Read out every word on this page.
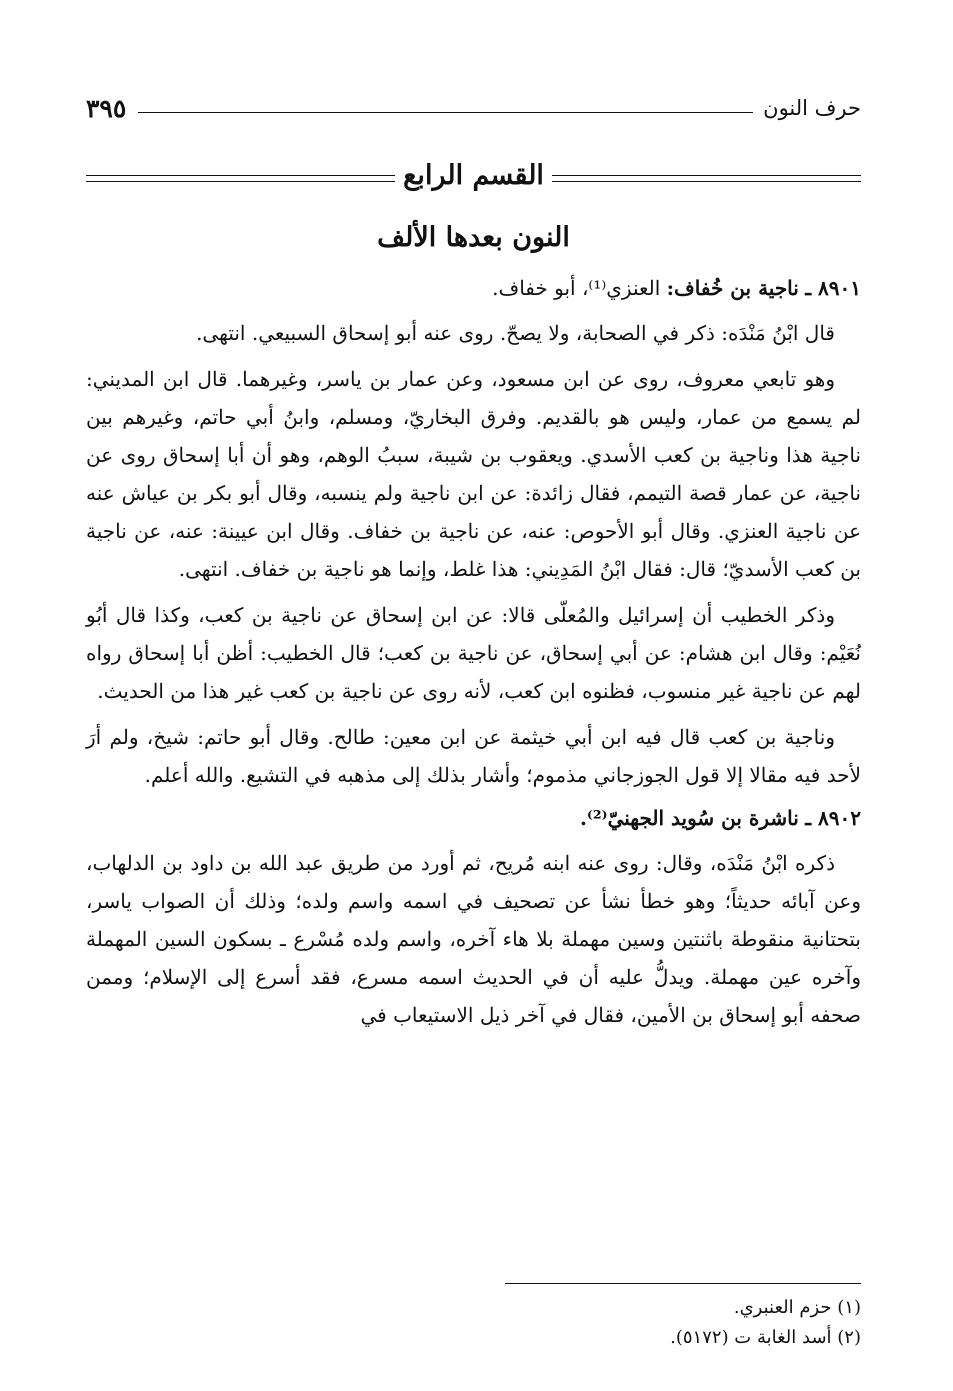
حرف النون
٣٩٥
القسم الرابع
النون بعدها الألف

٨٩٠١ ـ ناجية بن خُفاف: العنزي⁽¹⁾، أبو خفاف.

قال ابْنُ مَنْدَه: ذكر في الصحابة، ولا يصحّ. روى عنه أبو إسحاق السبيعي. انتهى.

وهو تابعي معروف، روى عن ابن مسعود، وعن عمار بن ياسر، وغيرهما. قال ابن المديني: لم يسمع من عمار، وليس هو بالقديم. وفرق البخاريّ، ومسلم، وابنُ أبي حاتم، وغيرهم بين ناجية هذا وناجية بن كعب الأسدي. ويعقوب بن شيبة، سببُ الوهم، وهو أن أبا إسحاق روى عن ناجية، عن عمار قصة التيمم، فقال زائدة: عن ابن ناجية ولم ينسبه، وقال أبو بكر بن عياش عنه عن ناجية العنزي. وقال أبو الأحوص: عنه، عن ناجية بن خفاف. وقال ابن عيينة: عنه، عن ناجية بن كعب الأسديّ؛ قال: فقال ابْنُ المَدِيني: هذا غلط، وإنما هو ناجية بن خفاف. انتهى.

وذكر الخطيب أن إسرائيل والمُعلّى قالا: عن ابن إسحاق عن ناجية بن كعب، وكذا قال أبُو نُعَيْم: وقال ابن هشام: عن أبي إسحاق، عن ناجية بن كعب؛ قال الخطيب: أظن أبا إسحاق رواه لهم عن ناجية غير منسوب، فظنوه ابن كعب، لأنه روى عن ناجية بن كعب غير هذا من الحديث.

وناجية بن كعب قال فيه ابن أبي خيثمة عن ابن معين: طالح. وقال أبو حاتم: شيخ، ولم أرَ لأحد فيه مقالا إلا قول الجوزجاني مذموم؛ وأشار بذلك إلى مذهبه في التشيع. والله أعلم.

٨٩٠٢ ـ ناشرة بن سُويد الجهنيّ⁽²⁾.

ذكره ابْنُ مَنْدَه، وقال: روى عنه ابنه مُريح، ثم أورد من طريق عبد الله بن داود بن الدلهاب، وعن آبائه حديثاً؛ وهو خطأ نشأ عن تصحيف في اسمه واسم ولده؛ وذلك أن الصواب ياسر، بتحتانية منقوطة باثنتين وسين مهملة بلا هاء آخره، واسم ولده مُسْرع ـ بسكون السين المهملة وآخره عين مهملة. ويدلُّ عليه أن في الحديث اسمه مسرع، فقد أسرع إلى الإسلام؛ وممن صحفه أبو إسحاق بن الأمين، فقال في آخر ذيل الاستيعاب في

(١) حزم العنبري.

(٢) أسد الغابة ت (٥١٧٢).
